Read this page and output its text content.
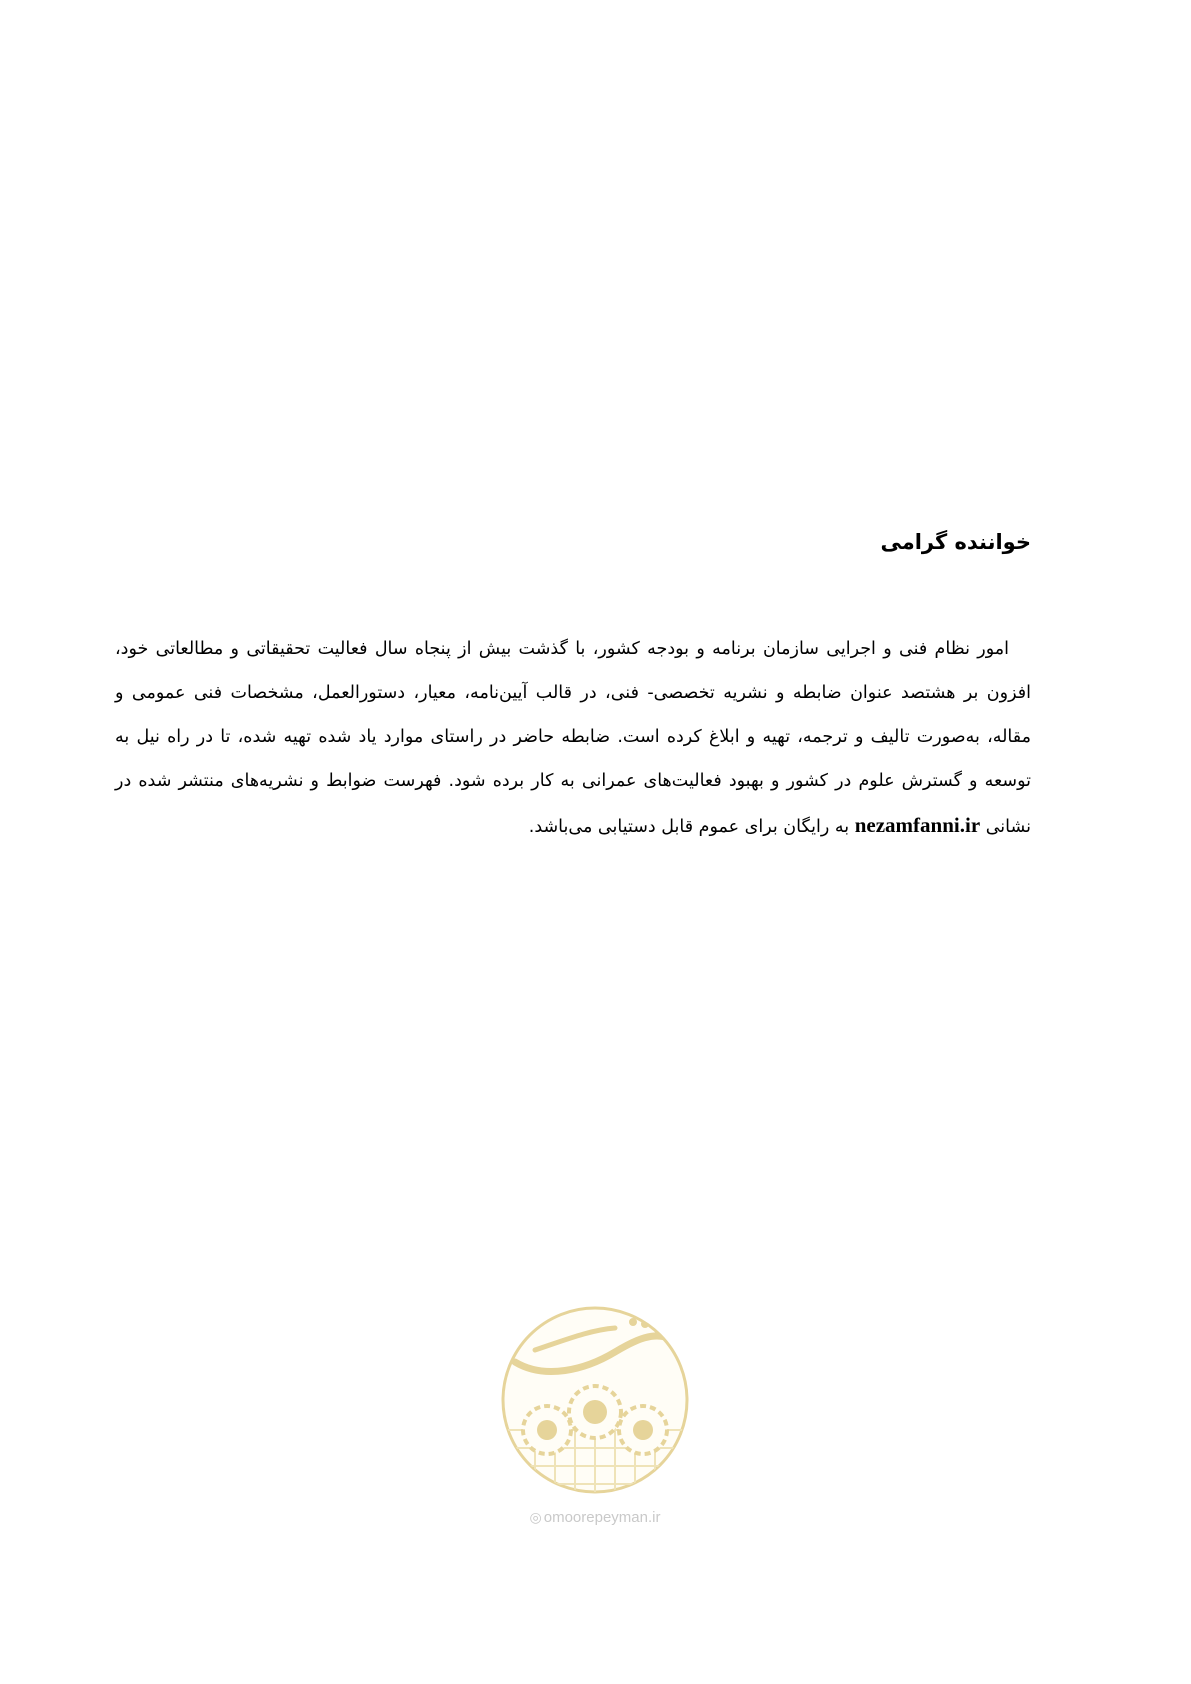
خواننده گرامی

امور نظام فنی و اجرایی سازمان برنامه و بودجه کشور، با گذشت بیش از پنجاه سال فعالیت تحقیقاتی و مطالعاتی خود، افزون بر هشتصد عنوان ضابطه و نشریه تخصصی- فنی، در قالب آیین‌نامه، معیار، دستورالعمل، مشخصات فنی عمومی و مقاله، به‌صورت تالیف و ترجمه، تهیه و ابلاغ کرده است. ضابطه حاضر در راستای موارد یاد شده تهیه شده، تا در راه نیل به توسعه و گسترش علوم در کشور و بهبود فعالیت‌های عمرانی به کار برده شود. فهرست ضوابط و نشریه‌های منتشر شده در نشانی nezamfanni.ir به رایگان برای عموم قابل دستیابی می‌باشد.

◎ omoorepeyman.ir
